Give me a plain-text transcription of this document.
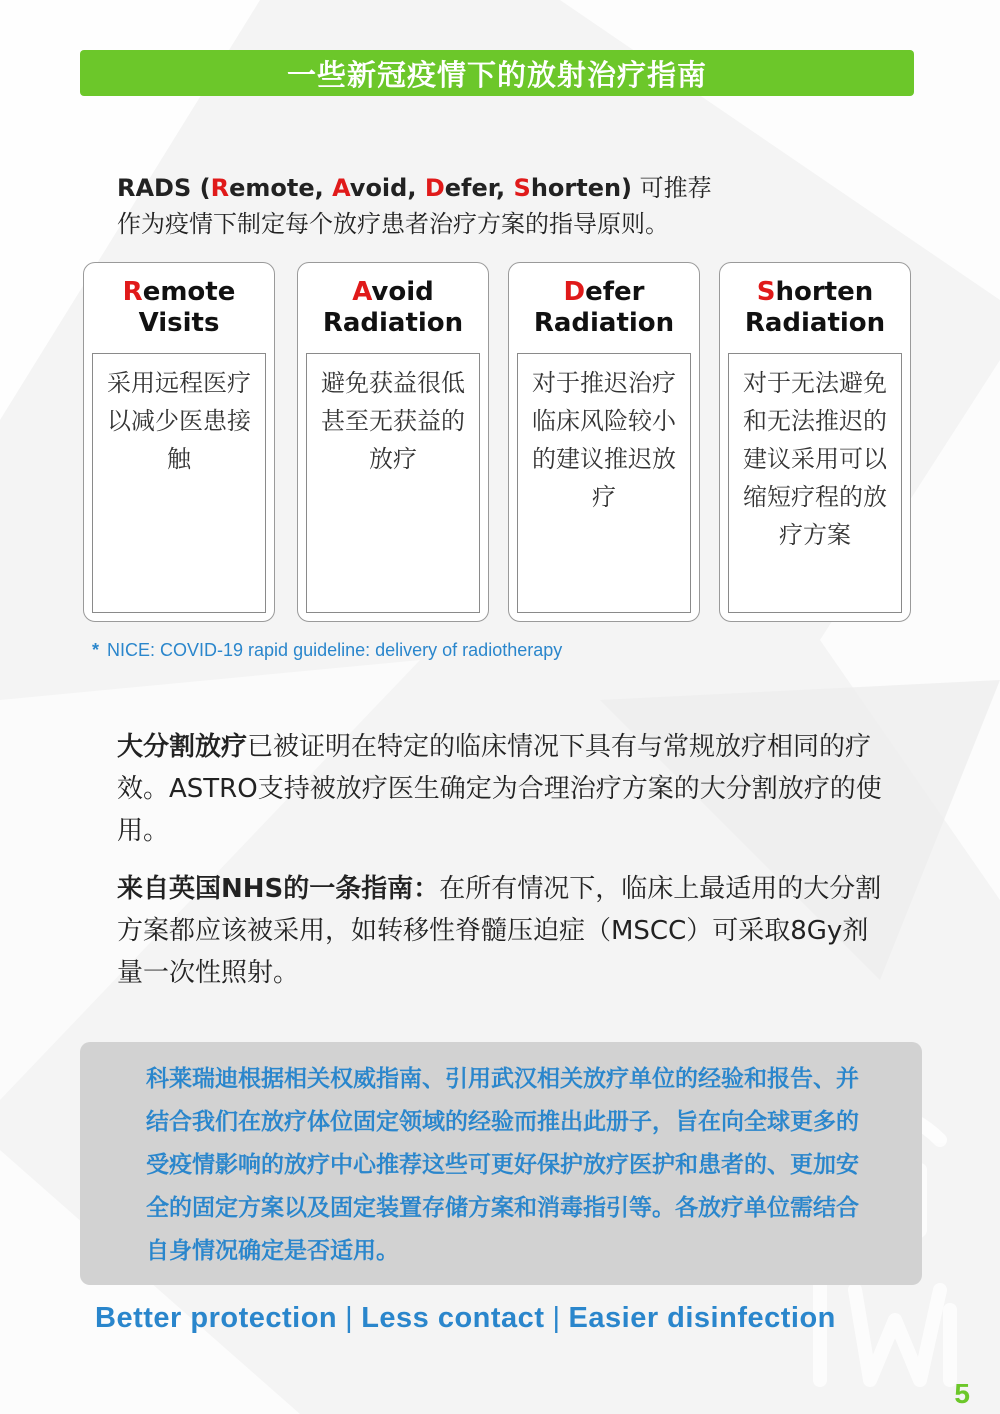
一些新冠疫情下的放射治疗指南
RADS (Remote, Avoid, Defer, Shorten) 可推荐
作为疫情下制定每个放疗患者治疗方案的指导原则。
Remote
Visits
采用远程医疗以减少医患接触
Avoid
Radiation
避免获益很低甚至无获益的放疗
Defer
Radiation
对于推迟治疗临床风险较小的建议推迟放疗
Shorten
Radiation
对于无法避免和无法推迟的建议采用可以缩短疗程的放疗方案
* NICE: COVID-19 rapid guideline: delivery of radiotherapy
大分割放疗已被证明在特定的临床情况下具有与常规放疗相同的疗效。ASTRO支持被放疗医生确定为合理治疗方案的大分割放疗的使用。
来自英国NHS的一条指南：在所有情况下，临床上最适用的大分割方案都应该被采用，如转移性脊髓压迫症（MSCC）可采取8Gy剂量一次性照射。
科莱瑞迪根据相关权威指南、引用武汉相关放疗单位的经验和报告、并结合我们在放疗体位固定领域的经验而推出此册子，旨在向全球更多的受疫情影响的放疗中心推荐这些可更好保护放疗医护和患者的、更加安全的固定方案以及固定装置存储方案和消毒指引等。各放疗单位需结合自身情况确定是否适用。
Better protection | Less contact | Easier disinfection
5
